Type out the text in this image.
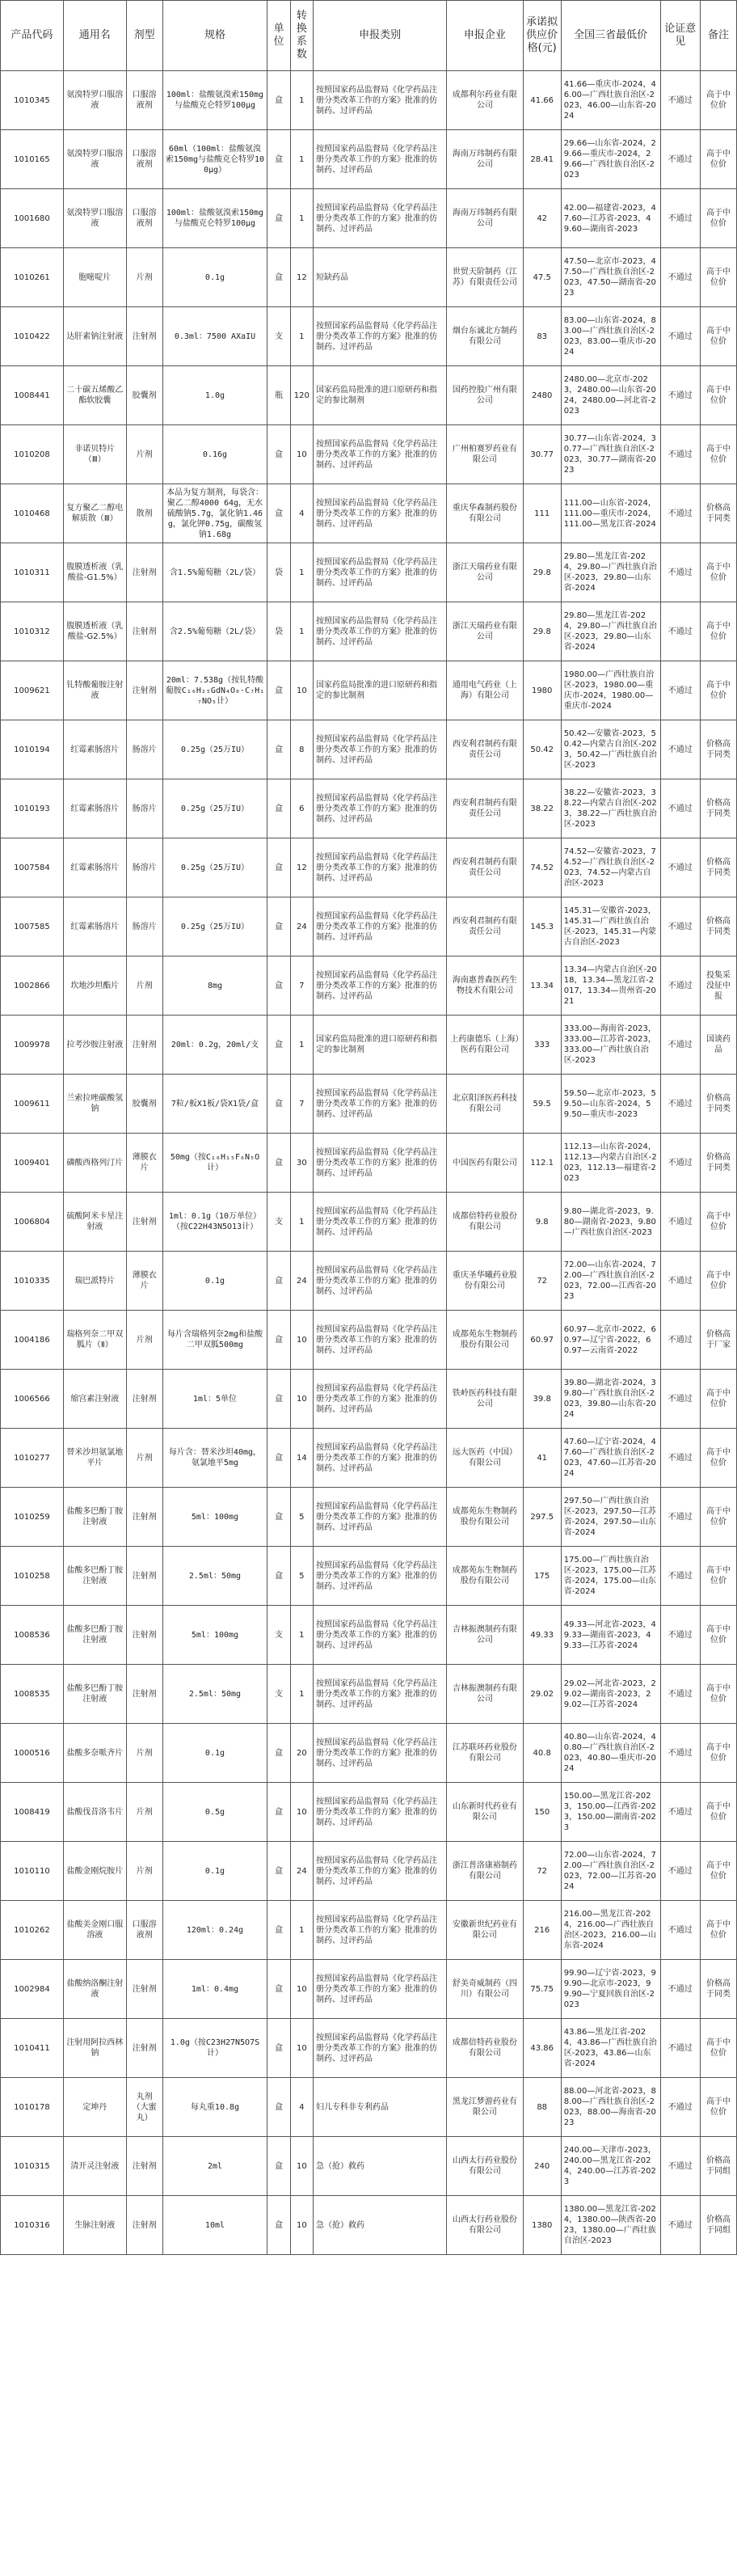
产品代码	通用名	剂型	规格	单位	转换系数	申报类别	申报企业	承诺拟供应价格(元)	全国三省最低价	论证意见	备注
1010345	氨溴特罗口服溶液	口服溶液剂	100ml：盐酸氨溴索150mg与盐酸克仑特罗100μg	盒	1	按照国家药品监督局《化学药品注册分类改革工作的方案》批准的仿制药、过评药品	成都利尔药业有限公司	41.66	41.66—重庆市-2024，46.00—广西壮族自治区-2023，46.00—山东省-2024	不通过	高于中位价
1010165	氨溴特罗口服溶液	口服溶液剂	60ml（100ml：盐酸氨溴索150mg与盐酸克仑特罗100μg）	盒	1	按照国家药品监督局《化学药品注册分类改革工作的方案》批准的仿制药、过评药品	海南万玮制药有限公司	28.41	29.66—山东省-2024，29.66—重庆市-2024，29.66—广西壮族自治区-2023	不通过	高于中位价
1001680	氨溴特罗口服溶液	口服溶液剂	100ml：盐酸氨溴索150mg与盐酸克仑特罗100μg	盒	1	按照国家药品监督局《化学药品注册分类改革工作的方案》批准的仿制药、过评药品	海南万玮制药有限公司	42	42.00—福建省-2023，47.60—江苏省-2023，49.60—湖南省-2023	不通过	高于中位价
1010261	胞嘧啶片	片剂	0.1g	盒	12	短缺药品	世贸天阶制药（江苏）有限责任公司	47.5	47.50—北京市-2023，47.50—广西壮族自治区-2023，47.50—湖南省-2023	不通过	高于中位价
1010422	达肝素钠注射液	注射剂	0.3ml：7500 AXaIU	支	1	按照国家药品监督局《化学药品注册分类改革工作的方案》批准的仿制药、过评药品	烟台东诚北方制药有限公司	83	83.00—山东省-2024，83.00—广西壮族自治区-2023，83.00—重庆市-2024	不通过	高于中位价
1008441	二十碳五烯酸乙酯软胶囊	胶囊剂	1.0g	瓶	120	国家药监局批准的进口原研药和指定的参比制剂	国药控股广州有限公司	2480	2480.00—北京市-2023，2480.00—山东省-2024，2480.00—河北省-2023	不通过	高于中位价
1010208	非诺贝特片（Ⅲ）	片剂	0.16g	盒	10	按照国家药品监督局《化学药品注册分类改革工作的方案》批准的仿制药、过评药品	广州柏赛罗药业有限公司	30.77	30.77—山东省-2024，30.77—广西壮族自治区-2023，30.77—湖南省-2023	不通过	高于中位价
1010468	复方聚乙二醇电解质散（Ⅲ）	散剂	本品为复方制剂，每袋含：聚乙二醇4000 64g，无水硫酸钠5.7g，氯化钠1.46g，氯化钾0.75g，碳酸氢钠1.68g	盒	4	按照国家药品监督局《化学药品注册分类改革工作的方案》批准的仿制药、过评药品	重庆华森制药股份有限公司	111	111.00—山东省-2024，111.00—重庆市-2024，111.00—黑龙江省-2024	不通过	价格高于同类
1010311	腹膜透析液（乳酸盐-G1.5%）	注射剂	含1.5%葡萄糖（2L/袋）	袋	1	按照国家药品监督局《化学药品注册分类改革工作的方案》批准的仿制药、过评药品	浙江天瑞药业有限公司	29.8	29.80—黑龙江省-2024，29.80—广西壮族自治区-2023，29.80—山东省-2024	不通过	高于中位价
1010312	腹膜透析液（乳酸盐-G2.5%）	注射剂	含2.5%葡萄糖（2L/袋）	袋	1	按照国家药品监督局《化学药品注册分类改革工作的方案》批准的仿制药、过评药品	浙江天瑞药业有限公司	29.8	29.80—黑龙江省-2024，29.80—广西壮族自治区-2023，29.80—山东省-2024	不通过	高于中位价
1009621	钆特酸葡胺注射液	注射剂	20ml：7.538g（按钆特酸葡胺C₁₆H₂₅GdN₄O₈·C₇H₁₇NO₅计）	盒	10	国家药监局批准的进口原研药和指定的参比制剂	通用电气药业（上海）有限公司	1980	1980.00—广西壮族自治区-2023，1980.00—重庆市-2024，1980.00—重庆市-2024	不通过	高于中位价
1010194	红霉素肠溶片	肠溶片	0.25g（25万IU）	盒	8	按照国家药品监督局《化学药品注册分类改革工作的方案》批准的仿制药、过评药品	西安利君制药有限责任公司	50.42	50.42—安徽省-2023，50.42—内蒙古自治区-2023，50.42—广西壮族自治区-2023	不通过	价格高于同类
1010193	红霉素肠溶片	肠溶片	0.25g（25万IU）	盒	6	按照国家药品监督局《化学药品注册分类改革工作的方案》批准的仿制药、过评药品	西安利君制药有限责任公司	38.22	38.22—安徽省-2023，38.22—内蒙古自治区-2023，38.22—广西壮族自治区-2023	不通过	价格高于同类
1007584	红霉素肠溶片	肠溶片	0.25g（25万IU）	盒	12	按照国家药品监督局《化学药品注册分类改革工作的方案》批准的仿制药、过评药品	西安利君制药有限责任公司	74.52	74.52—安徽省-2023，74.52—广西壮族自治区-2023，74.52—内蒙古自治区-2023	不通过	价格高于同类
1007585	红霉素肠溶片	肠溶片	0.25g（25万IU）	盒	24	按照国家药品监督局《化学药品注册分类改革工作的方案》批准的仿制药、过评药品	西安利君制药有限责任公司	145.3	145.31—安徽省-2023，145.31—广西壮族自治区-2023，145.31—内蒙古自治区-2023	不通过	价格高于同类
1002866	坎地沙坦酯片	片剂	8mg	盒	7	按照国家药品监督局《化学药品注册分类改革工作的方案》批准的仿制药、过评药品	海南惠普森医药生物技术有限公司	13.34	13.34—内蒙古自治区-2018，13.34—黑龙江省-2017，13.34—贵州省-2021	不通过	投集采没征中报
1009978	拉考沙胺注射液	注射剂	20ml：0.2g，20ml/支	盒	1	国家药监局批准的进口原研药和指定的参比制剂	上药康德乐（上海）医药有限公司	333	333.00—海南省-2023，333.00—江苏省-2023，333.00—广西壮族自治区-2023	不通过	国谈药品
1009611	兰索拉唑碳酸氢钠	胶囊剂	7粒/板X1板/袋X1袋/盒	盒	7	按照国家药品监督局《化学药品注册分类改革工作的方案》批准的仿制药、过评药品	北京阳泽医药科技有限公司	59.5	59.50—北京市-2023，59.50—山东省-2024，59.50—重庆市-2023	不通过	价格高于同类
1009401	磷酸西格列汀片	薄膜衣片	50mg（按C₁₆H₁₅F₆N₅O计）	盒	30	按照国家药品监督局《化学药品注册分类改革工作的方案》批准的仿制药、过评药品	中国医药有限公司	112.1	112.13—山东省-2024，112.13—内蒙古自治区-2023，112.13—福建省-2023	不通过	价格高于同类
1006804	硫酸阿米卡星注射液	注射剂	1ml：0.1g（10万单位）（按C22H43N5O13计）	支	1	按照国家药品监督局《化学药品注册分类改革工作的方案》批准的仿制药、过评药品	成都倍特药业股份有限公司	9.8	9.80—湖北省-2023，9.80—湖南省-2023，9.80—广西壮族自治区-2023	不通过	高于中位价
1010335	瑞巴派特片	薄膜衣片	0.1g	盒	24	按照国家药品监督局《化学药品注册分类改革工作的方案》批准的仿制药、过评药品	重庆圣华曦药业股份有限公司	72	72.00—山东省-2024，72.00—广西壮族自治区-2023，72.00—江西省-2023	不通过	高于中位价
1004186	瑞格列奈二甲双胍片（Ⅱ）	片剂	每片含瑞格列奈2mg和盐酸二甲双胍500mg	盒	10	按照国家药品监督局《化学药品注册分类改革工作的方案》批准的仿制药、过评药品	成都苑东生物制药股份有限公司	60.97	60.97—北京市-2022，60.97—辽宁省-2022，60.97—云南省-2022	不通过	价格高于厂家
1006566	缩宫素注射液	注射剂	1ml：5单位	盒	10	按照国家药品监督局《化学药品注册分类改革工作的方案》批准的仿制药、过评药品	铁岭医药科技有限公司	39.8	39.80—湖北省-2024，39.80—广西壮族自治区-2023，39.80—山东省-2024	不通过	高于中位价
1010277	替米沙坦氨氯地平片	片剂	每片含：替米沙坦40mg，氨氯地平5mg	盒	14	按照国家药品监督局《化学药品注册分类改革工作的方案》批准的仿制药、过评药品	远大医药（中国）有限公司	41	47.60—辽宁省-2024，47.60—广西壮族自治区-2023，47.60—江苏省-2024	不通过	高于中位价
1010259	盐酸多巴酚丁胺注射液	注射剂	5ml：100mg	盒	5	按照国家药品监督局《化学药品注册分类改革工作的方案》批准的仿制药、过评药品	成都苑东生物制药股份有限公司	297.5	297.50—广西壮族自治区-2023，297.50—江苏省-2024，297.50—山东省-2024	不通过	高于中位价
1010258	盐酸多巴酚丁胺注射液	注射剂	2.5ml：50mg	盒	5	按照国家药品监督局《化学药品注册分类改革工作的方案》批准的仿制药、过评药品	成都苑东生物制药股份有限公司	175	175.00—广西壮族自治区-2023，175.00—江苏省-2024，175.00—山东省-2024	不通过	高于中位价
1008536	盐酸多巴酚丁胺注射液	注射剂	5ml：100mg	支	1	按照国家药品监督局《化学药品注册分类改革工作的方案》批准的仿制药、过评药品	吉林振澳制药有限公司	49.33	49.33—河北省-2023，49.33—湖南省-2023，49.33—江苏省-2024	不通过	高于中位价
1008535	盐酸多巴酚丁胺注射液	注射剂	2.5ml：50mg	支	1	按照国家药品监督局《化学药品注册分类改革工作的方案》批准的仿制药、过评药品	吉林振澳制药有限公司	29.02	29.02—河北省-2023，29.02—湖南省-2023，29.02—江苏省-2024	不通过	高于中位价
1000516	盐酸多奈哌齐片	片剂	0.1g	盒	20	按照国家药品监督局《化学药品注册分类改革工作的方案》批准的仿制药、过评药品	江苏联环药业股份有限公司	40.8	40.80—山东省-2024，40.80—广西壮族自治区-2023，40.80—重庆市-2024	不通过	高于中位价
1008419	盐酸伐昔洛韦片	片剂	0.5g	盒	10	按照国家药品监督局《化学药品注册分类改革工作的方案》批准的仿制药、过评药品	山东新时代药业有限公司	150	150.00—黑龙江省-2023，150.00—江西省-2023，150.00—湖南省-2023	不通过	高于中位价
1010110	盐酸金刚烷胺片	片剂	0.1g	盒	24	按照国家药品监督局《化学药品注册分类改革工作的方案》批准的仿制药、过评药品	浙江普洛康裕制药有限公司	72	72.00—山东省-2024，72.00—广西壮族自治区-2023，72.00—江苏省-2024	不通过	高于中位价
1010262	盐酸美金刚口服溶液	口服溶液剂	120ml：0.24g	盒	1	按照国家药品监督局《化学药品注册分类改革工作的方案》批准的仿制药、过评药品	安徽新世纪药业有限公司	216	216.00—黑龙江省-2024，216.00—广西壮族自治区-2023，216.00—山东省-2024	不通过	高于中位价
1002984	盐酸纳洛酮注射液	注射剂	1ml：0.4mg	盒	10	按照国家药品监督局《化学药品注册分类改革工作的方案》批准的仿制药、过评药品	舒美奇威制药（四川）有限公司	75.75	99.90—辽宁省-2023，99.90—北京市-2023，99.90—宁夏回族自治区-2023	不通过	价格高于同类
1010411	注射用阿拉西林钠	注射剂	1.0g（按C23H27N5O7S计）	盒	10	按照国家药品监督局《化学药品注册分类改革工作的方案》批准的仿制药、过评药品	成都倍特药业股份有限公司	43.86	43.86—黑龙江省-2024，43.86—广西壮族自治区-2023，43.86—山东省-2024	不通过	高于中位价
1010178	定坤丹	丸剂（大蜜丸）	每丸重10.8g	盒	4	妇儿专科非专利药品	黑龙江梦游药业有限公司	88	88.00—河北省-2023，88.00—广西壮族自治区-2023，88.00—海南省-2023	不通过	高于中位价
1010315	清开灵注射液	注射剂	2ml	盒	10	急（抢）救药	山西太行药业股份有限公司	240	240.00—天津市-2023，240.00—黑龙江省-2024，240.00—江苏省-2023	不通过	价格高于同组
1010316	生脉注射液	注射剂	10ml	盒	10	急（抢）救药	山西太行药业股份有限公司	1380	1380.00—黑龙江省-2024，1380.00—陕西省-2023，1380.00—广西壮族自治区-2023	不通过	价格高于同组
